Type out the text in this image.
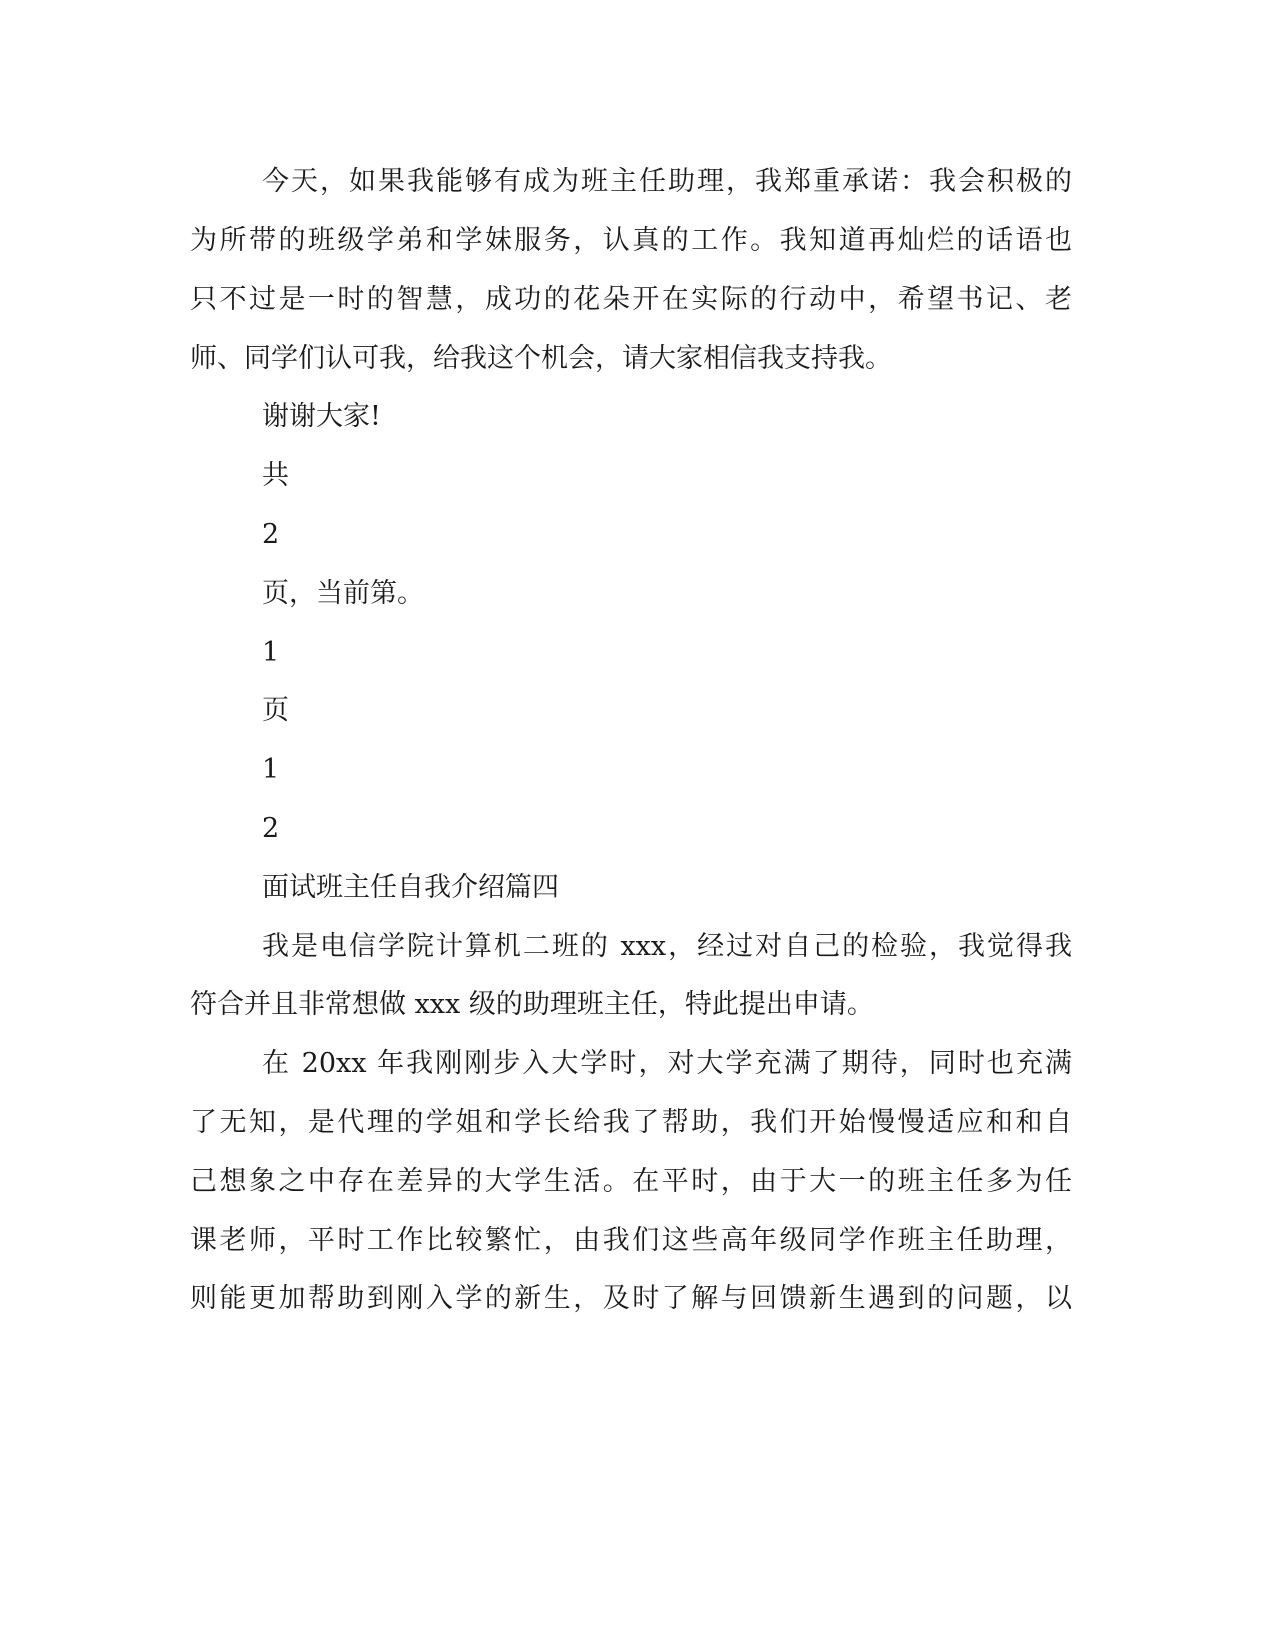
今天，如果我能够有成为班主任助理，我郑重承诺：我会积极的

为所带的班级学弟和学妹服务，认真的工作。我知道再灿烂的话语也

只不过是一时的智慧，成功的花朵开在实际的行动中，希望书记、老

师、同学们认可我，给我这个机会，请大家相信我支持我。

谢谢大家!

共

2

页，当前第。

1

页

1

2

面试班主任自我介绍篇四

我是电信学院计算机二班的 xxx，经过对自己的检验，我觉得我

符合并且非常想做 xxx 级的助理班主任，特此提出申请。

在 20xx 年我刚刚步入大学时，对大学充满了期待，同时也充满

了无知，是代理的学姐和学长给我了帮助，我们开始慢慢适应和和自

己想象之中存在差异的大学生活。在平时，由于大一的班主任多为任

课老师，平时工作比较繁忙，由我们这些高年级同学作班主任助理，

则能更加帮助到刚入学的新生，及时了解与回馈新生遇到的问题，以
